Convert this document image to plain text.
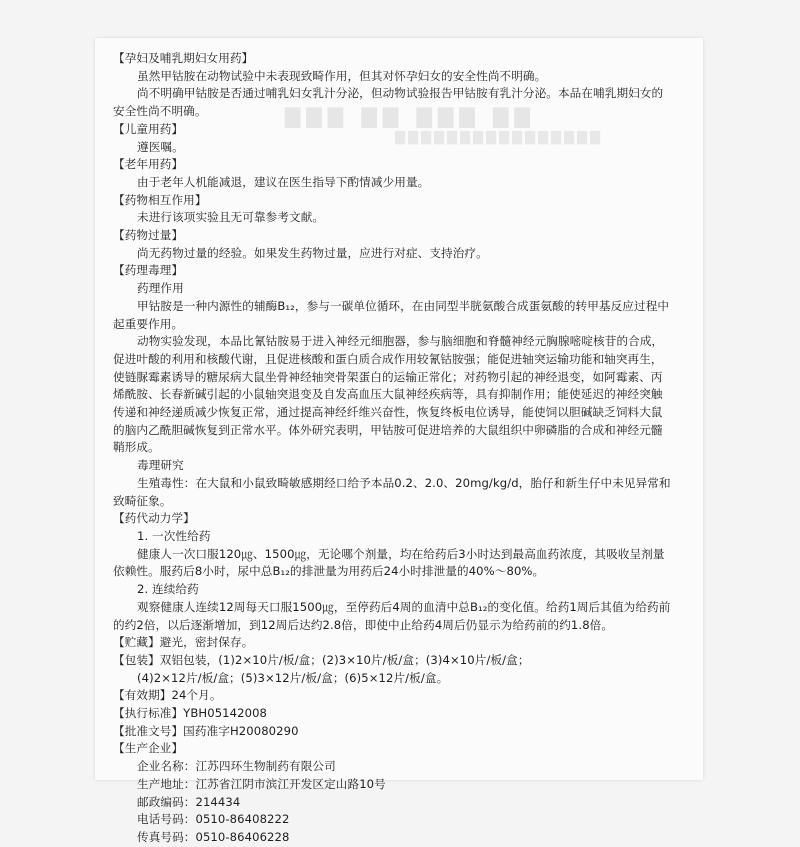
▇▇▇ ▇▇ ▇▇▇ ▇▇
▇▇▇▇▇▇▇▇▇▇▇▇▇▇▇▇

【孕妇及哺乳期妇女用药】

虽然甲钴胺在动物试验中未表现致畸作用，但其对怀孕妇女的安全性尚不明确。

尚不明确甲钴胺是否通过哺乳妇女乳汁分泌，但动物试验报告甲钴胺有乳汁分泌。本品在哺乳期妇女的安全性尚不明确。

【儿童用药】

遵医嘱。

【老年用药】

由于老年人机能减退，建议在医生指导下酌情减少用量。

【药物相互作用】

未进行该项实验且无可靠参考文献。

【药物过量】

尚无药物过量的经验。如果发生药物过量，应进行对症、支持治疗。

【药理毒理】

药理作用

甲钴胺是一种内源性的辅酶B₁₂，参与一碳单位循环，在由同型半胱氨酸合成蛋氨酸的转甲基反应过程中起重要作用。

动物实验发现，本品比氰钴胺易于进入神经元细胞器，参与脑细胞和脊髓神经元胸腺嘧啶核苷的合成，促进叶酸的利用和核酸代谢，且促进核酸和蛋白质合成作用较氰钴胺强；能促进轴突运输功能和轴突再生，使链脲霉素诱导的糖尿病大鼠坐骨神经轴突骨架蛋白的运输正常化；对药物引起的神经退变，如阿霉素、丙烯酰胺、长春新碱引起的小鼠轴突退变及自发高血压大鼠神经疾病等，具有抑制作用；能使延迟的神经突触传递和神经递质减少恢复正常，通过提高神经纤维兴奋性，恢复终板电位诱导，能使饲以胆碱缺乏饲料大鼠的脑内乙酰胆碱恢复到正常水平。体外研究表明，甲钴胺可促进培养的大鼠组织中卵磷脂的合成和神经元髓鞘形成。

毒理研究

生殖毒性：在大鼠和小鼠致畸敏感期经口给予本品0.2、2.0、20mg/kg/d，胎仔和新生仔中未见异常和致畸征象。

【药代动力学】

1. 一次性给药

健康人一次口服120㎍、1500㎍，无论哪个剂量，均在给药后3小时达到最高血药浓度，其吸收呈剂量依赖性。服药后8小时，尿中总B₁₂的排泄量为用药后24小时排泄量的40%～80%。

2. 连续给药

观察健康人连续12周每天口服1500㎍，至停药后4周的血清中总B₁₂的变化值。给药1周后其值为给药前的约2倍，以后逐渐增加，到12周后达约2.8倍，即使中止给药4周后仍显示为给药前的约1.8倍。

【贮藏】避光，密封保存。

【包装】双铝包装，(1)2×10片/板/盒；(2)3×10片/板/盒；(3)4×10片/板/盒；

(4)2×12片/板/盒；(5)3×12片/板/盒；(6)5×12片/板/盒。

【有效期】24个月。

【执行标准】YBH05142008

【批准文号】国药准字H20080290

【生产企业】

企业名称：江苏四环生物制药有限公司

生产地址：江苏省江阴市滨江开发区定山路10号

邮政编码：214434

电话号码：0510-86408222

传真号码：0510-86406228
